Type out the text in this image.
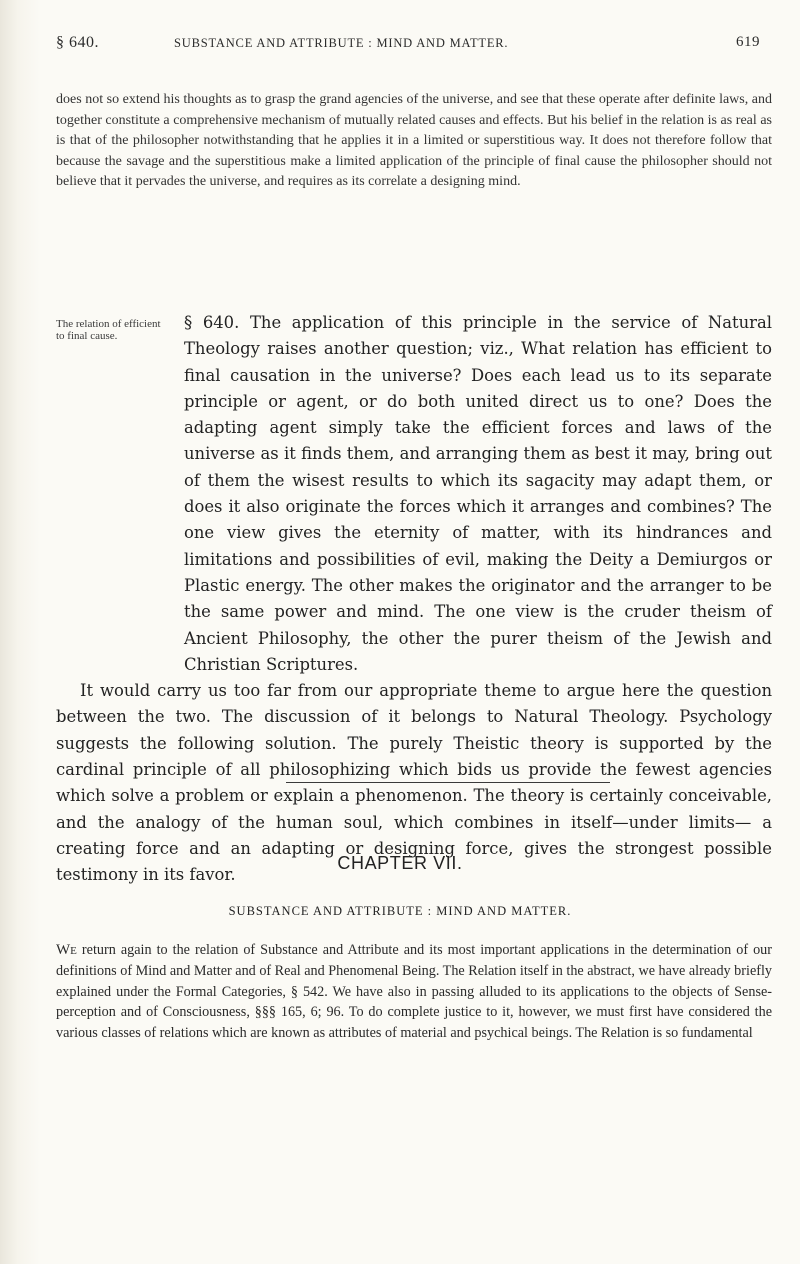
§ 640.	SUBSTANCE AND ATTRIBUTE : MIND AND MATTER.	619
does not so extend his thoughts as to grasp the grand agencies of the universe, and see that these operate after definite laws, and together constitute a comprehensive mechanism of mutually related causes and effects. But his belief in the relation is as real as is that of the philosopher notwithstanding that he applies it in a limited or superstitious way. It does not therefore follow that because the savage and the superstitious make a limited application of the principle of final cause the philosopher should not believe that it pervades the universe, and requires as its correlate a designing mind.
The relation of efficient to final cause.

§ 640. The application of this principle in the service of Natural Theology raises another question; viz., What relation has efficient to final causation in the universe? Does each lead us to its separate principle or agent, or do both united direct us to one? Does the adapting agent simply take the efficient forces and laws of the universe as it finds them, and arranging them as best it may, bring out of them the wisest results to which its sagacity may adapt them, or does it also originate the forces which it arranges and combines? The one view gives the eternity of matter, with its hindrances and limitations and possibilities of evil, making the Deity a Demiurgos or Plastic energy. The other makes the originator and the arranger to be the same power and mind. The one view is the cruder theism of Ancient Philosophy, the other the purer theism of the Jewish and Christian Scriptures.

It would carry us too far from our appropriate theme to argue here the question between the two. The discussion of it belongs to Natural Theology. Psychology suggests the following solution. The purely Theistic theory is supported by the cardinal principle of all philosophizing which bids us provide the fewest agencies which solve a problem or explain a phenomenon. The theory is certainly conceivable, and the analogy of the human soul, which combines in itself—under limits— a creating force and an adapting or designing force, gives the strongest possible testimony in its favor.

CHAPTER VII.
SUBSTANCE AND ATTRIBUTE : MIND AND MATTER.
We return again to the relation of Substance and Attribute and its most important applications in the determination of our definitions of Mind and Matter and of Real and Phenomenal Being. The Relation itself in the abstract, we have already briefly explained under the Formal Categories, § 542. We have also in passing alluded to its applications to the objects of Sense-perception and of Consciousness, §§§ 165, 6; 96. To do complete justice to it, however, we must first have considered the various classes of relations which are known as attributes of material and psychical beings. The Relation is so fundamental
